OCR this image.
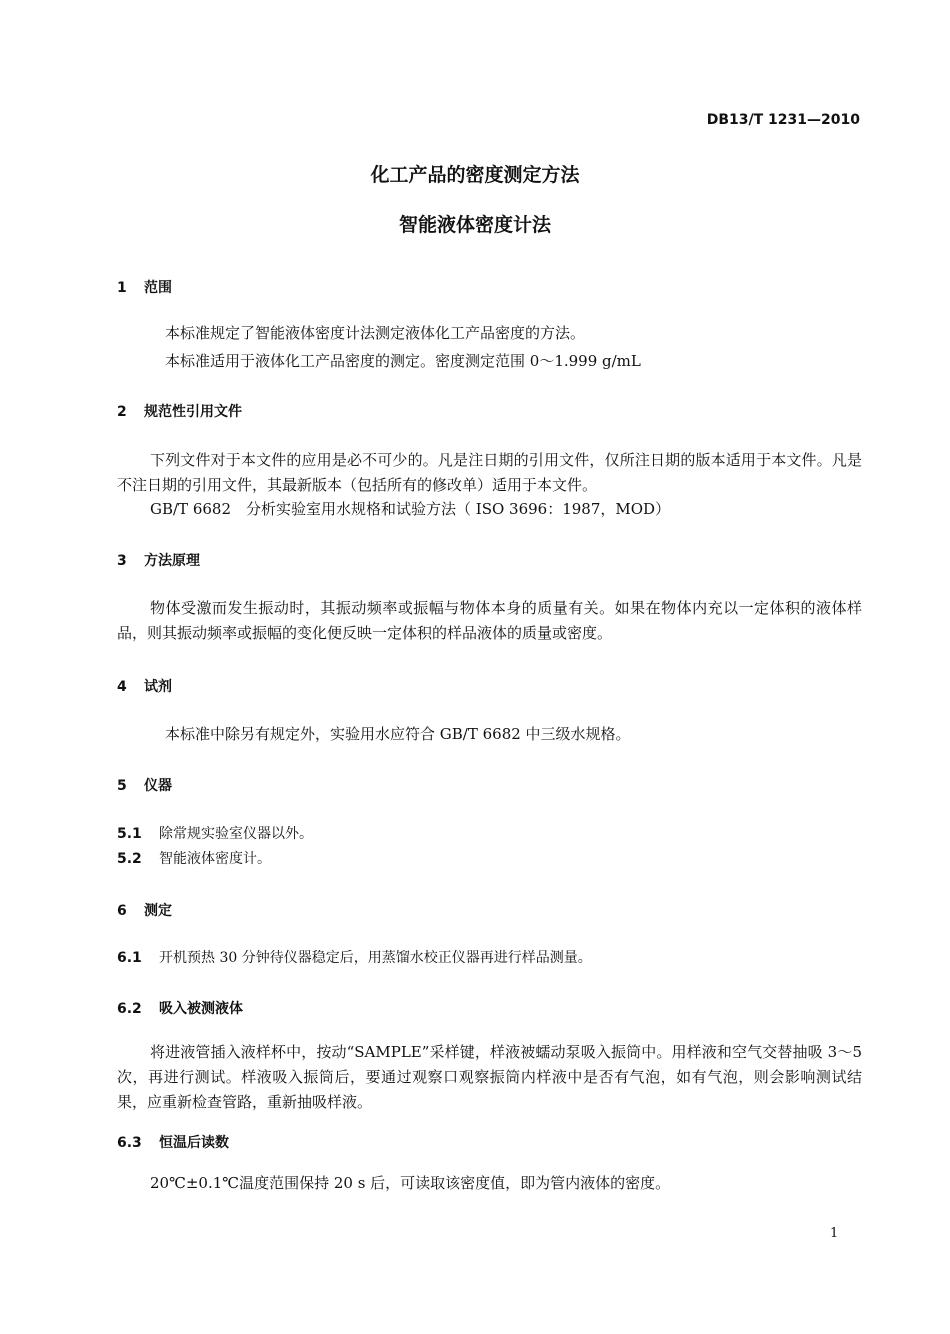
DB13/T 1231—2010
化工产品的密度测定方法
智能液体密度计法
1 范围
本标准规定了智能液体密度计法测定液体化工产品密度的方法。
本标准适用于液体化工产品密度的测定。密度测定范围 0～1.999 g/mL
2 规范性引用文件
下列文件对于本文件的应用是必不可少的。凡是注日期的引用文件，仅所注日期的版本适用于本文件。凡是不注日期的引用文件，其最新版本（包括所有的修改单）适用于本文件。
GB/T 6682　分析实验室用水规格和试验方法（ ISO 3696：1987，MOD）
3 方法原理
物体受激而发生振动时，其振动频率或振幅与物体本身的质量有关。如果在物体内充以一定体积的液体样品，则其振动频率或振幅的变化便反映一定体积的样品液体的质量或密度。
4 试剂
本标准中除另有规定外，实验用水应符合 GB/T 6682 中三级水规格。
5 仪器
5.1 除常规实验室仪器以外。
5.2 智能液体密度计。
6 测定
6.1 开机预热 30 分钟待仪器稳定后，用蒸馏水校正仪器再进行样品测量。
6.2 吸入被测液体
将进液管插入液样杯中，按动“SAMPLE”采样键，样液被蠕动泵吸入振筒中。用样液和空气交替抽吸 3～5 次，再进行测试。样液吸入振筒后，要通过观察口观察振筒内样液中是否有气泡，如有气泡，则会影响测试结果，应重新检查管路，重新抽吸样液。
6.3 恒温后读数
20℃±0.1℃温度范围保持 20 s 后，可读取该密度值，即为管内液体的密度。
1
